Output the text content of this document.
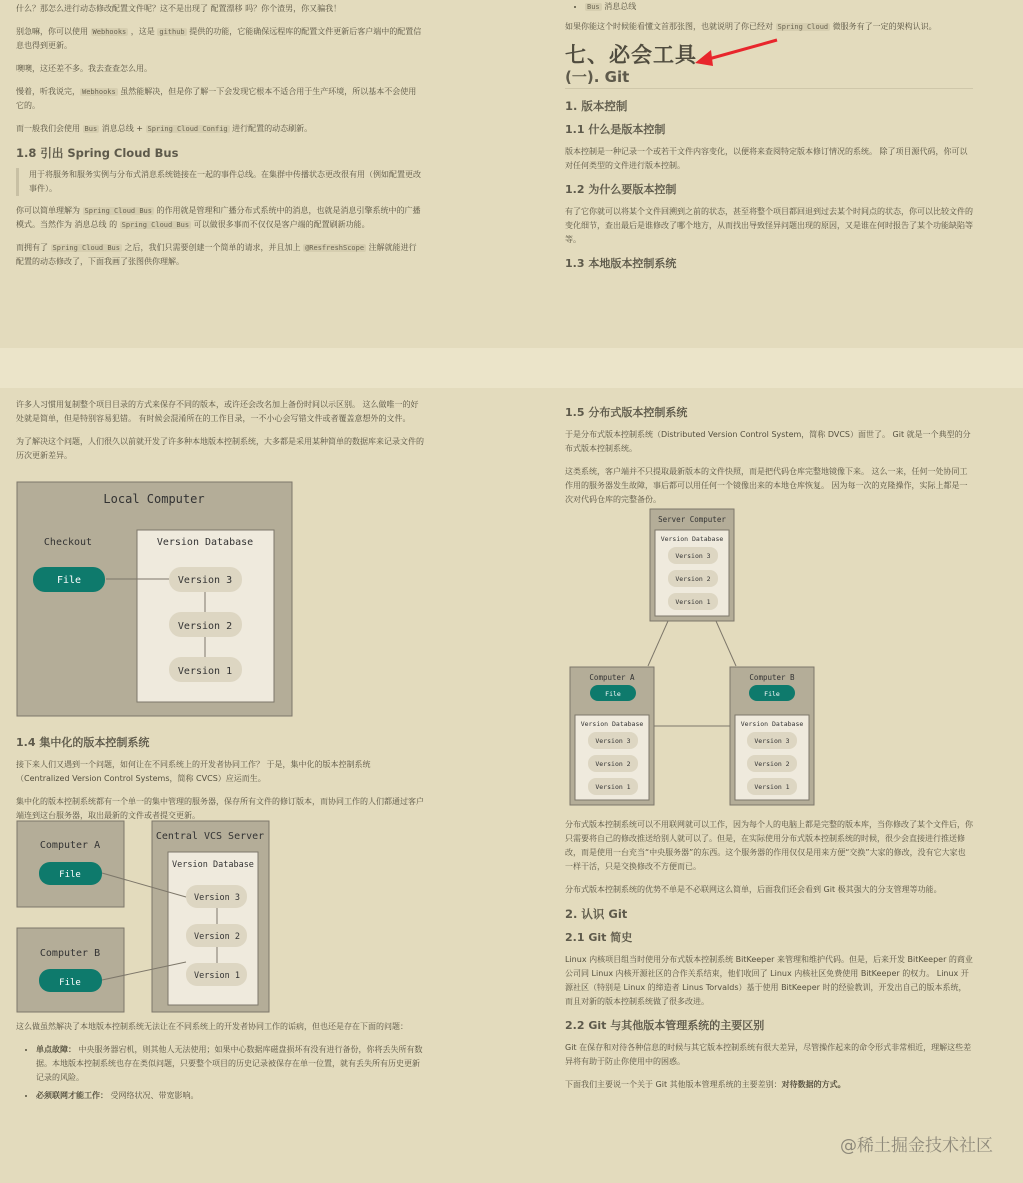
什么？那怎么进行动态修改配置文件呢？这不是出现了 配置漂移 吗？你个渣男，你又骗我！

别急嘛，你可以使用 Webhooks ，这是 github 提供的功能，它能确保远程库的配置文件更新后客户端中的配置信息也得到更新。

噢噢，这还差不多。我去查查怎么用。

慢着，听我说完， Webhooks 虽然能解决，但是你了解一下会发现它根本不适合用于生产环境，所以基本不会使用它的。

而一般我们会使用 Bus 消息总线 + Spring Cloud Config 进行配置的动态刷新。

1.8 引出 Spring Cloud Bus
用于将服务和服务实例与分布式消息系统链接在一起的事件总线。在集群中传播状态更改很有用（例如配置更改事件）。

你可以简单理解为 Spring Cloud Bus 的作用就是管理和广播分布式系统中的消息，也就是消息引擎系统中的广播模式。当然作为 消息总线 的 Spring Cloud Bus 可以做很多事而不仅仅是客户端的配置刷新功能。

而拥有了 Spring Cloud Bus 之后，我们只需要创建一个简单的请求，并且加上 @ResfreshScope 注解就能进行配置的动态修改了，下面我画了张图供你理解。

• Bus 消息总线

如果你能这个时候能看懂文首那张图，也就说明了你已经对 Spring Cloud 微服务有了一定的架构认识。

七、必会工具
(一). Git
1. 版本控制
1.1 什么是版本控制

版本控制是一种记录一个或若干文件内容变化，以便将来查阅特定版本修订情况的系统。 除了项目源代码，你可以对任何类型的文件进行版本控制。

1.2 为什么要版本控制

有了它你就可以将某个文件回溯到之前的状态，甚至将整个项目都回退到过去某个时间点的状态，你可以比较文件的变化细节，查出最后是谁修改了哪个地方，从而找出导致怪异问题出现的原因，又是谁在何时报告了某个功能缺陷等等。

1.3 本地版本控制系统

许多人习惯用复制整个项目目录的方式来保存不同的版本，或许还会改名加上备份时间以示区别。 这么做唯一的好处就是简单，但是特别容易犯错。 有时候会混淆所在的工作目录，一不小心会写错文件或者覆盖意想外的文件。

为了解决这个问题，人们很久以前就开发了许多种本地版本控制系统，大多都是采用某种简单的数据库来记录文件的历次更新差异。

Local Computer
Checkout	Version Database
File	Version 3
Version 2
Version 1
1.4 集中化的版本控制系统

接下来人们又遇到一个问题，如何让在不同系统上的开发者协同工作？ 于是，集中化的版本控制系统（Centralized Version Control Systems，简称 CVCS）应运而生。

集中化的版本控制系统都有一个单一的集中管理的服务器，保存所有文件的修订版本，而协同工作的人们都通过客户端连到这台服务器，取出最新的文件或者提交更新。

Computer A
File
Computer B
File
Central VCS Server
Version Database
Version 3
Version 2
Version 1

这么做虽然解决了本地版本控制系统无法让在不同系统上的开发者协同工作的诟病，但也还是存在下面的问题：

• 单点故障： 中央服务器宕机，则其他人无法使用；如果中心数据库磁盘损坏有没有进行备份，你将丢失所有数据。本地版本控制系统也存在类似问题，只要整个项目的历史记录被保存在单一位置，就有丢失所有历史更新记录的风险。
• 必须联网才能工作： 受网络状况、带宽影响。
1.5 分布式版本控制系统

于是分布式版本控制系统（Distributed Version Control System，简称 DVCS）面世了。 Git 就是一个典型的分布式版本控制系统。

这类系统，客户端并不只提取最新版本的文件快照，而是把代码仓库完整地镜像下来。 这么一来，任何一处协同工作用的服务器发生故障，事后都可以用任何一个镜像出来的本地仓库恢复。 因为每一次的克隆操作，实际上都是一次对代码仓库的完整备份。

Server Computer
Version Database
Version 3
Version 2
Version 1
Computer A
File
Version Database
Version 3
Version 2
Version 1
Computer B
File
Version Database
Version 3
Version 2
Version 1

分布式版本控制系统可以不用联网就可以工作，因为每个人的电脑上都是完整的版本库，当你修改了某个文件后，你只需要将自己的修改推送给别人就可以了。但是，在实际使用分布式版本控制系统的时候，很少会直接进行推送修改，而是使用一台充当“中央服务器”的东西。这个服务器的作用仅仅是用来方便“交换”大家的修改，没有它大家也一样干活，只是交换修改不方便而已。

分布式版本控制系统的优势不单是不必联网这么简单，后面我们还会看到 Git 极其强大的分支管理等功能。

2. 认识 Git
2.1 Git 简史

Linux 内核项目组当时使用分布式版本控制系统 BitKeeper 来管理和维护代码。但是，后来开发 BitKeeper 的商业公司同 Linux 内核开源社区的合作关系结束，他们收回了 Linux 内核社区免费使用 BitKeeper 的权力。 Linux 开源社区（特别是 Linux 的缔造者 Linus Torvalds）基于使用 BitKeeper 时的经验教训，开发出自己的版本系统，而且对新的版本控制系统做了很多改进。

2.2 Git 与其他版本管理系统的主要区别

Git 在保存和对待各种信息的时候与其它版本控制系统有很大差异，尽管操作起来的命令形式非常相近，理解这些差异将有助于防止你使用中的困惑。

下面我们主要说一个关于 Git 其他版本管理系统的主要差别：对待数据的方式。

@稀土掘金技术社区
